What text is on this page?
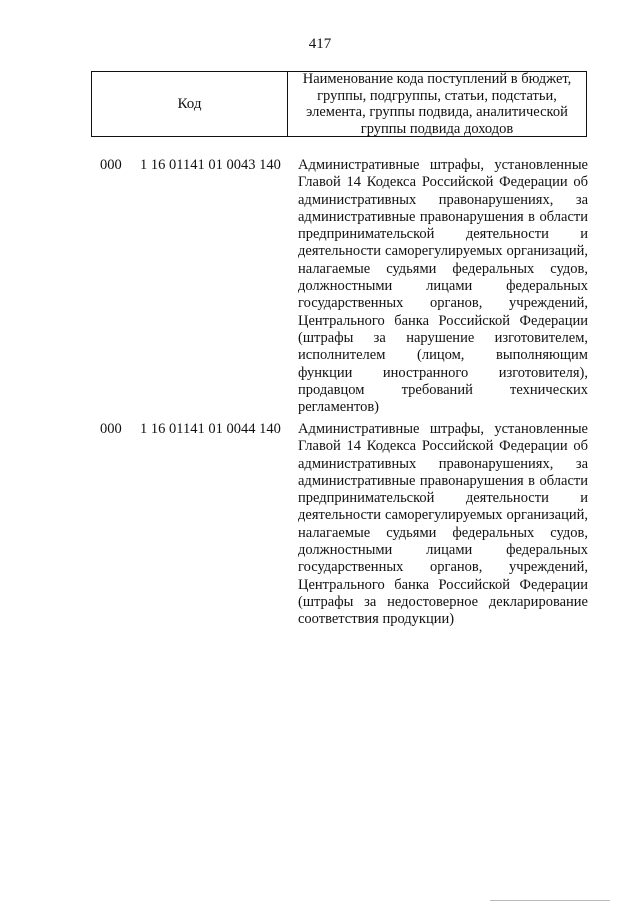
417
Код
Наименование кода поступлений в бюджет, группы, подгруппы, статьи, подстатьи, элемента, группы подвида, аналитической группы подвида доходов
000	1 16 01141 01 0043 140	Административные штрафы, установленные
Главой 14 Кодекса Российской Федерации об
административных правонарушениях, за
административные правонарушения в области
предпринимательской деятельности и
деятельности саморегулируемых организаций,
налагаемые судьями федеральных судов,
должностными лицами федеральных
государственных органов, учреждений,
Центрального банка Российской Федерации
(штрафы за нарушение изготовителем,
исполнителем (лицом, выполняющим
функции иностранного изготовителя),
продавцом требований технических
регламентов)
000	1 16 01141 01 0044 140	Административные штрафы, установленные
Главой 14 Кодекса Российской Федерации об
административных правонарушениях, за
административные правонарушения в области
предпринимательской деятельности и
деятельности саморегулируемых организаций,
налагаемые судьями федеральных судов,
должностными лицами федеральных
государственных органов, учреждений,
Центрального банка Российской Федерации
(штрафы за недостоверное декларирование
соответствия продукции)
